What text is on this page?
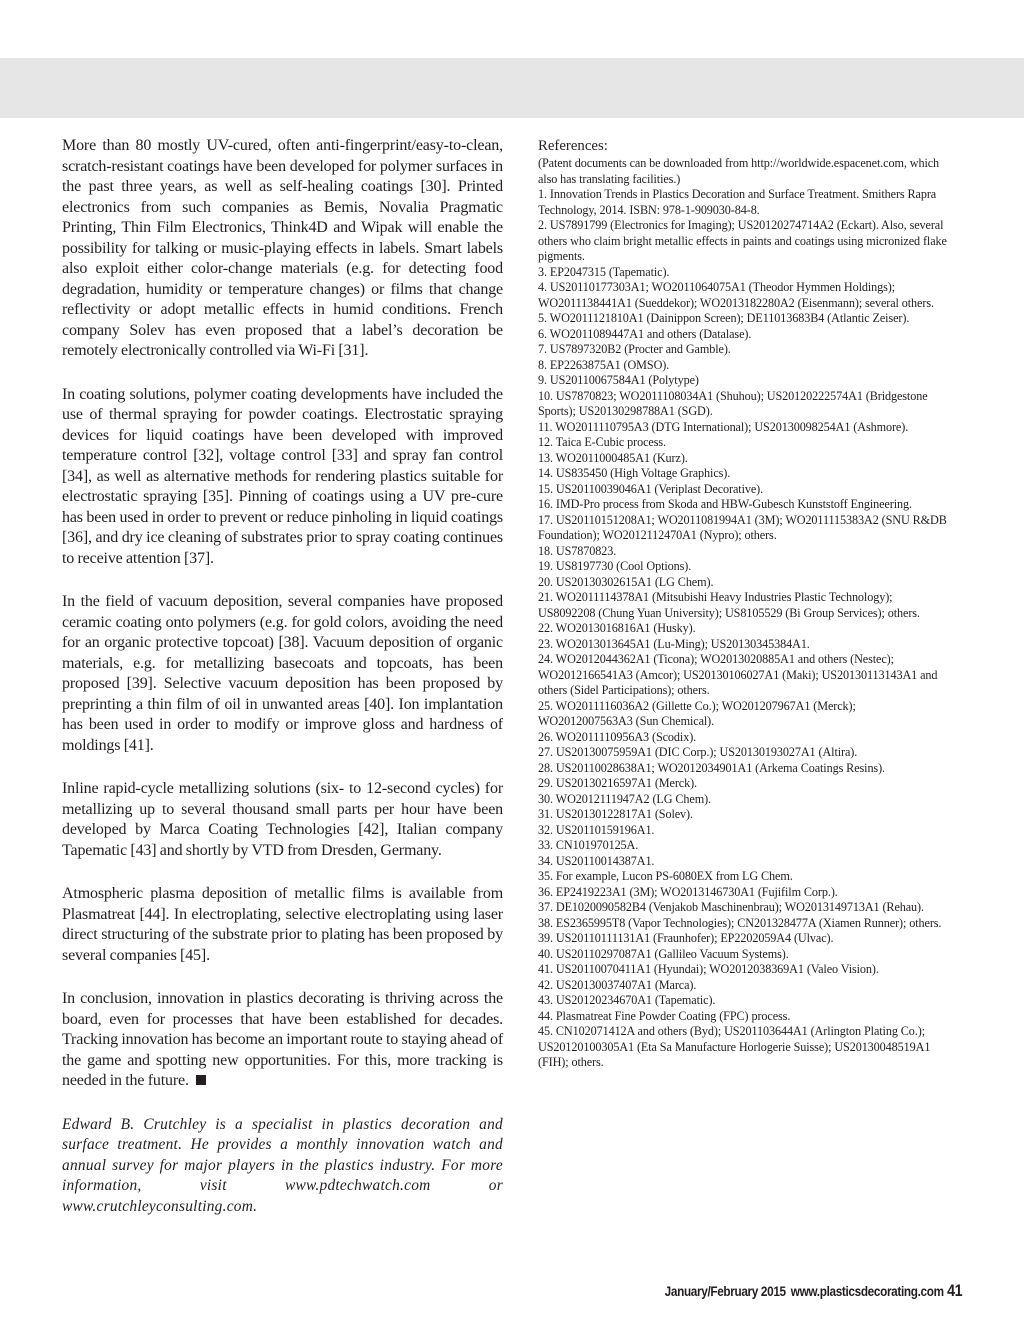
More than 80 mostly UV-cured, often anti-fingerprint/easy-to-clean, scratch-resistant coatings have been developed for polymer surfaces in the past three years, as well as self-healing coatings [30]. Printed electronics from such companies as Bemis, Novalia Pragmatic Printing, Thin Film Electronics, Think4D and Wipak will enable the possibility for talking or music-playing effects in labels. Smart labels also exploit either color-change materials (e.g. for detecting food degradation, humidity or temperature changes) or films that change reflectivity or adopt metallic effects in humid conditions. French company Solev has even proposed that a label’s decoration be remotely electronically controlled via Wi-Fi [31].

In coating solutions, polymer coating developments have included the use of thermal spraying for powder coatings. Electrostatic spraying devices for liquid coatings have been developed with improved temperature control [32], voltage control [33] and spray fan control [34], as well as alternative methods for rendering plastics suitable for electrostatic spraying [35]. Pinning of coatings using a UV pre-cure has been used in order to prevent or reduce pinholing in liquid coatings [36], and dry ice cleaning of substrates prior to spray coating continues to receive attention [37].

In the field of vacuum deposition, several companies have proposed ceramic coating onto polymers (e.g. for gold colors, avoiding the need for an organic protective topcoat) [38]. Vacuum deposition of organic materials, e.g. for metallizing basecoats and topcoats, has been proposed [39]. Selective vacuum deposition has been proposed by preprinting a thin film of oil in unwanted areas [40]. Ion implantation has been used in order to modify or improve gloss and hardness of moldings [41].

Inline rapid-cycle metallizing solutions (six- to 12-second cycles) for metallizing up to several thousand small parts per hour have been developed by Marca Coating Technologies [42], Italian company Tapematic [43] and shortly by VTD from Dresden, Germany.

Atmospheric plasma deposition of metallic films is available from Plasmatreat [44]. In electroplating, selective electroplating using laser direct structuring of the substrate prior to plating has been proposed by several companies [45].

In conclusion, innovation in plastics decorating is thriving across the board, even for processes that have been established for decades. Tracking innovation has become an important route to staying ahead of the game and spotting new opportunities. For this, more tracking is needed in the future.

Edward B. Crutchley is a specialist in plastics decoration and surface treatment. He provides a monthly innovation watch and annual survey for major players in the plastics industry. For more information, visit www.pdtechwatch.com or www.crutchleyconsulting.com.

References:
(Patent documents can be downloaded from http://worldwide.espacenet.com, which also has translating facilities.)
1. Innovation Trends in Plastics Decoration and Surface Treatment. Smithers Rapra Technology, 2014. ISBN: 978-1-909030-84-8.
2. US7891799 (Electronics for Imaging); US20120274714A2 (Eckart). Also, several others who claim bright metallic effects in paints and coatings using micronized flake pigments.
3. EP2047315 (Tapematic).
4. US20110177303A1; WO2011064075A1 (Theodor Hymmen Holdings); WO2011138441A1 (Sueddekor); WO2013182280A2 (Eisenmann); several others.
5. WO2011121810A1 (Dainippon Screen); DE11013683B4 (Atlantic Zeiser).
6. WO2011089447A1 and others (Datalase).
7. US7897320B2 (Procter and Gamble).
8. EP2263875A1 (OMSO).
9. US20110067584A1 (Polytype)
10. US7870823; WO2011108034A1 (Shuhou); US20120222574A1 (Bridgestone Sports); US20130298788A1 (SGD).
11. WO2011110795A3 (DTG International); US20130098254A1 (Ashmore).
12. Taica E-Cubic process.
13. WO2011000485A1 (Kurz).
14. US835450 (High Voltage Graphics).
15. US20110039046A1 (Veriplast Decorative).
16. IMD-Pro process from Skoda and HBW-Gubesch Kunststoff Engineering.
17. US20110151208A1; WO2011081994A1 (3M); WO2011115383A2 (SNU R&DB Foundation); WO2012112470A1 (Nypro); others.
18. US7870823.
19. US8197730 (Cool Options).
20. US20130302615A1 (LG Chem).
21. WO2011114378A1 (Mitsubishi Heavy Industries Plastic Technology); US8092208 (Chung Yuan University); US8105529 (Bi Group Services); others.
22. WO2013016816A1 (Husky).
23. WO2013013645A1 (Lu-Ming); US20130345384A1.
24. WO2012044362A1 (Ticona); WO2013020885A1 and others (Nestec); WO2012166541A3 (Amcor); US20130106027A1 (Maki); US20130113143A1 and others (Sidel Participations); others.
25. WO2011116036A2 (Gillette Co.); WO201207967A1 (Merck); WO2012007563A3 (Sun Chemical).
26. WO2011110956A3 (Scodix).
27. US20130075959A1 (DIC Corp.); US20130193027A1 (Altira).
28. US20110028638A1; WO2012034901A1 (Arkema Coatings Resins).
29. US20130216597A1 (Merck).
30. WO2012111947A2 (LG Chem).
31. US20130122817A1 (Solev).
32. US20110159196A1.
33. CN101970125A.
34. US20110014387A1.
35. For example, Lucon PS-6080EX from LG Chem.
36. EP2419223A1 (3M); WO2013146730A1 (Fujifilm Corp.).
37. DE1020090582B4 (Venjakob Maschinenbrau); WO2013149713A1 (Rehau).
38. ES2365995T8 (Vapor Technologies); CN201328477A (Xiamen Runner); others.
39. US20110111131A1 (Fraunhofer); EP2202059A4 (Ulvac).
40. US20110297087A1 (Gallileo Vacuum Systems).
41. US20110070411A1 (Hyundai); WO2012038369A1 (Valeo Vision).
42. US20130037407A1 (Marca).
43. US20120234670A1 (Tapematic).
44. Plasmatreat Fine Powder Coating (FPC) process.
45. CN102071412A and others (Byd); US201103644A1 (Arlington Plating Co.); US20120100305A1 (Eta Sa Manufacture Horlogerie Suisse); US20130048519A1 (FIH); others.
January/February 2015 www.plasticsdecorating.com 41
